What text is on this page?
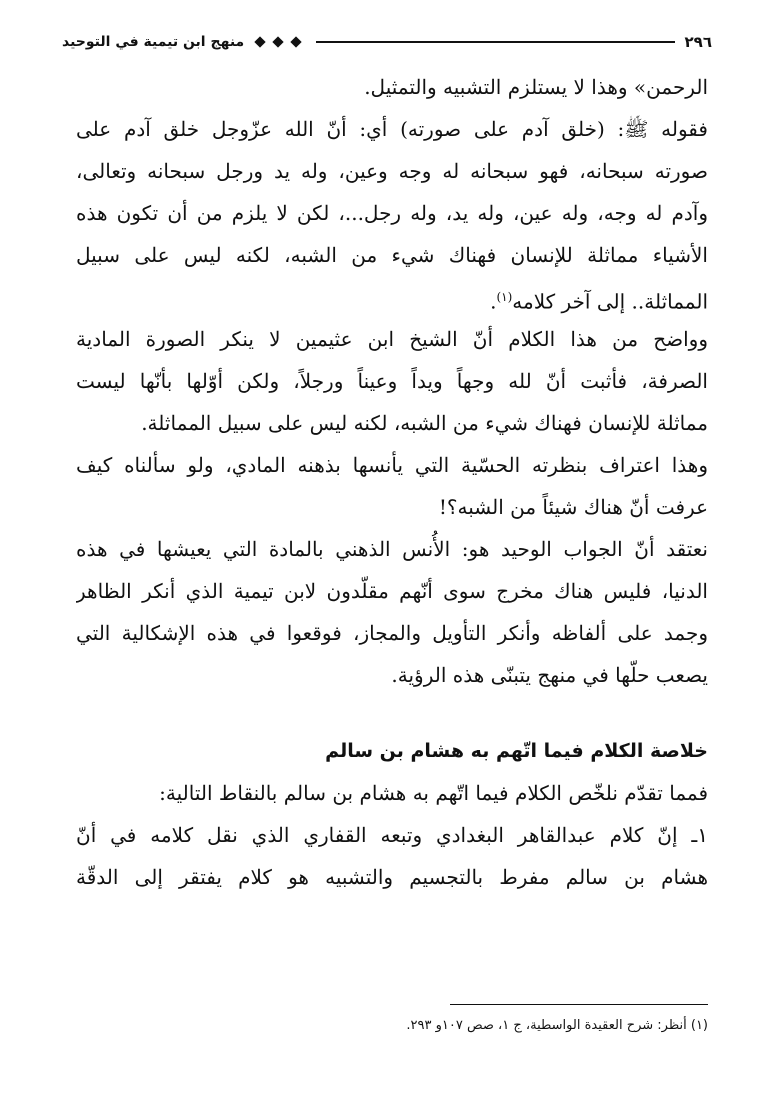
٢٩٦
منهج ابن تيمية في التوحيد
الرحمن» وهذا لا يستلزم التشبيه والتمثيل.
فقوله ﷺ: (خلق آدم على صورته) أي: أنّ الله عزّوجل خلق آدم على
صورته سبحانه، فهو سبحانه له وجه وعين، وله يد ورجل سبحانه وتعالى،
وآدم له وجه، وله عين، وله يد، وله رجل...، لكن لا يلزم من أن تكون هذه
الأشياء مماثلة للإنسان فهناك شيء من الشبه، لكنه ليس على سبيل
المماثلة.. إلى آخر كلامه$^{(١)}$.
وواضح من هذا الكلام أنّ الشيخ ابن عثيمين لا ينكر الصورة المادية
الصرفة، فأثبت أنّ لله وجهاً ويداً وعيناً ورجلاً، ولكن أوّلها بأنّها ليست
مماثلة للإنسان فهناك شيء من الشبه، لكنه ليس على سبيل المماثلة.
وهذا اعتراف بنظرته الحسّية التي يأنسها بذهنه المادي، ولو سألناه كيف
عرفت أنّ هناك شيئاً من الشبه؟!
نعتقد أنّ الجواب الوحيد هو: الأُنس الذهني بالمادة التي يعيشها في هذه
الدنيا، فليس هناك مخرج سوى أنّهم مقلّدون لابن تيمية الذي أنكر الظاهر
وجمد على ألفاظه وأنكر التأويل والمجاز، فوقعوا في هذه الإشكالية التي
يصعب حلّها في منهج يتبنّى هذه الرؤية.
خلاصة الكلام فيما اتّهم به هشام بن سالم
فمما تقدّم نلخّص الكلام فيما اتّهم به هشام بن سالم بالنقاط التالية:
١ـ إنّ كلام عبدالقاهر البغدادي وتبعه القفاري الذي نقل كلامه في أنّ
هشام بن سالم مفرط بالتجسيم والتشبيه هو كلام يفتقر إلى الدقّة
(١) أنظر: شرح العقيدة الواسطية، ج ١، صص ١٠٧و ٢٩٣.
